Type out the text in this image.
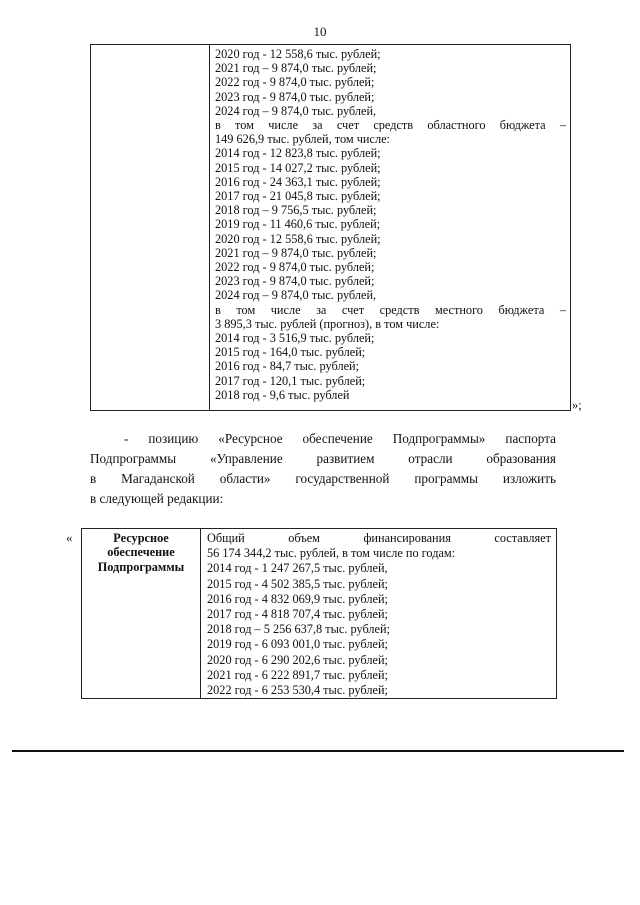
10

2020 год - 12 558,6 тыс. рублей;
2021 год – 9 874,0 тыс. рублей;
2022 год - 9 874,0 тыс. рублей;
2023 год - 9 874,0 тыс. рублей;
2024 год – 9 874,0 тыс. рублей,
в том числе за счет средств областного бюджета –
149 626,9 тыс. рублей, том числе:
2014 год - 12 823,8 тыс. рублей;
2015 год - 14 027,2 тыс. рублей;
2016 год - 24 363,1 тыс. рублей;
2017 год - 21 045,8 тыс. рублей;
2018 год – 9 756,5 тыс. рублей;
2019 год - 11 460,6 тыс. рублей;
2020 год - 12 558,6 тыс. рублей;
2021 год – 9 874,0 тыс. рублей;
2022 год - 9 874,0 тыс. рублей;
2023 год - 9 874,0 тыс. рублей;
2024 год – 9 874,0 тыс. рублей,
в том числе за счет средств местного бюджета –
3 895,3 тыс. рублей (прогноз), в том числе:
2014 год - 3 516,9 тыс. рублей;
2015 год - 164,0 тыс. рублей;
2016 год - 84,7 тыс. рублей;
2017 год - 120,1 тыс. рублей;
2018 год - 9,6 тыс. рублей
»;
- позицию «Ресурсное обеспечение Подпрограммы» паспорта
Подпрограммы «Управление развитием отрасли образования
в Магаданской области» государственной программы изложить
в следующей редакции:
«	Ресурсное
обеспечение
Подпрограммы

Общий объем финансирования составляет
56 174 344,2 тыс. рублей, в том числе по годам:
2014 год - 1 247 267,5 тыс. рублей,
2015 год - 4 502 385,5 тыс. рублей;
2016 год - 4 832 069,9 тыс. рублей;
2017 год - 4 818 707,4 тыс. рублей;
2018 год – 5 256 637,8 тыс. рублей;
2019 год - 6 093 001,0 тыс. рублей;
2020 год - 6 290 202,6 тыс. рублей;
2021 год - 6 222 891,7 тыс. рублей;
2022 год - 6 253 530,4 тыс. рублей;
